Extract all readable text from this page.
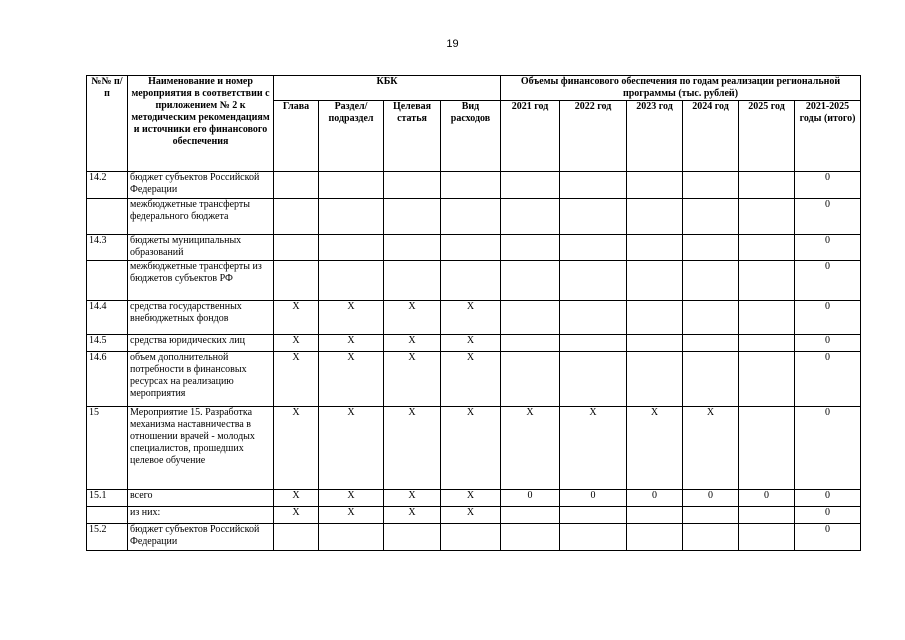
19
№№ п/п	Наименование и номер мероприятия в соответствии с приложением № 2 к методическим рекомендациям и источники его финансового обеспечения	КБК				Объемы финансового обеспечения по годам реализации региональной программы (тыс. рублей)					
		Глава	Раздел/ подраздел	Целевая статья	Вид расходов	2021 год	2022 год	2023 год	2024 год	2025 год	2021-2025 годы (итого)
14.2	бюджет субъектов Российской Федерации										0
	межбюджетные трансферты федерального бюджета										0
14.3	бюджеты муниципальных образований										0
	межбюджетные трансферты из бюджетов субъектов РФ										0
14.4	средства государственных внебюджетных фондов	Х	Х	Х	Х						0
14.5	средства юридических лиц	Х	Х	Х	Х						0
14.6	объем дополнительной потребности в финансовых ресурсах на реализацию мероприятия	Х	Х	Х	Х						0
15	Мероприятие 15. Разработка механизма наставничества в отношении врачей - молодых специалистов, прошедших целевое обучение	Х	Х	Х	Х	Х	Х	Х	Х		0
15.1	всего	Х	Х	Х	Х	0	0	0	0	0	0
	из них:	Х	Х	Х	Х						0
15.2	бюджет субъектов Российской Федерации										0
